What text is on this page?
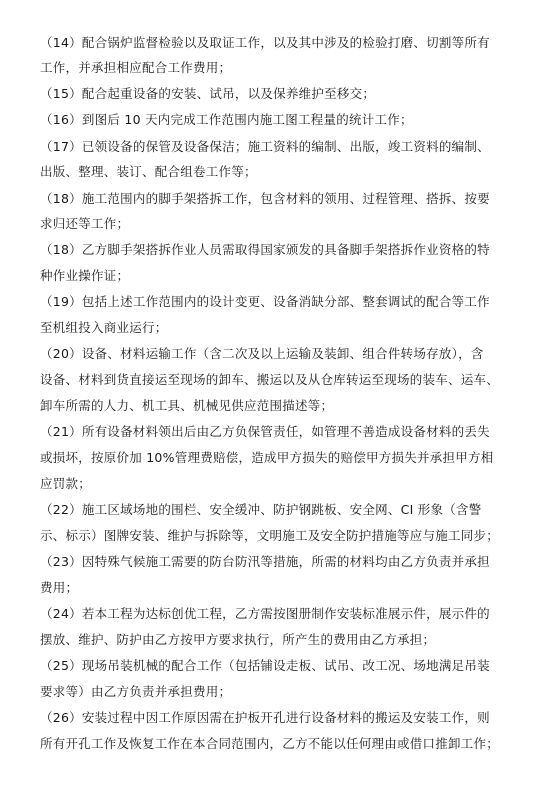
（14）配合锅炉监督检验以及取证工作，以及其中涉及的检验打磨、切割等所有
工作，并承担相应配合工作费用；
（15）配合起重设备的安装、试吊，以及保养维护至移交；
（16）到图后 10 天内完成工作范围内施工图工程量的统计工作；
（17）已领设备的保管及设备保洁；施工资料的编制、出版，竣工资料的编制、
出版、整理、装订、配合组卷工作等；
（18）施工范围内的脚手架搭拆工作，包含材料的领用、过程管理、搭拆、按要
求归还等工作；
（18）乙方脚手架搭拆作业人员需取得国家颁发的具备脚手架搭拆作业资格的特
种作业操作证；
（19）包括上述工作范围内的设计变更、设备消缺分部、整套调试的配合等工作
至机组投入商业运行；
（20）设备、材料运输工作（含二次及以上运输及装卸、组合件转场存放），含
设备、材料到货直接运至现场的卸车、搬运以及从仓库转运至现场的装车、运车、
卸车所需的人力、机工具、机械见供应范围描述等；
（21）所有设备材料领出后由乙方负保管责任，如管理不善造成设备材料的丢失
或损坏，按原价加 10%管理费赔偿，造成甲方损失的赔偿甲方损失并承担甲方相
应罚款；
（22）施工区域场地的围栏、安全缓冲、防护钢跳板、安全网、CI 形象（含警
示、标示）图牌安装、维护与拆除等，文明施工及安全防护措施等应与施工同步；
（23）因特殊气候施工需要的防台防汛等措施，所需的材料均由乙方负责并承担
费用；
（24）若本工程为达标创优工程，乙方需按图册制作安装标准展示件，展示件的
摆放、维护、防护由乙方按甲方要求执行，所产生的费用由乙方承担；
（25）现场吊装机械的配合工作（包括铺设走板、试吊、改工况、场地满足吊装
要求等）由乙方负责并承担费用；
（26）安装过程中因工作原因需在护板开孔进行设备材料的搬运及安装工作，则
所有开孔工作及恢复工作在本合同范围内，乙方不能以任何理由或借口推卸工作；
